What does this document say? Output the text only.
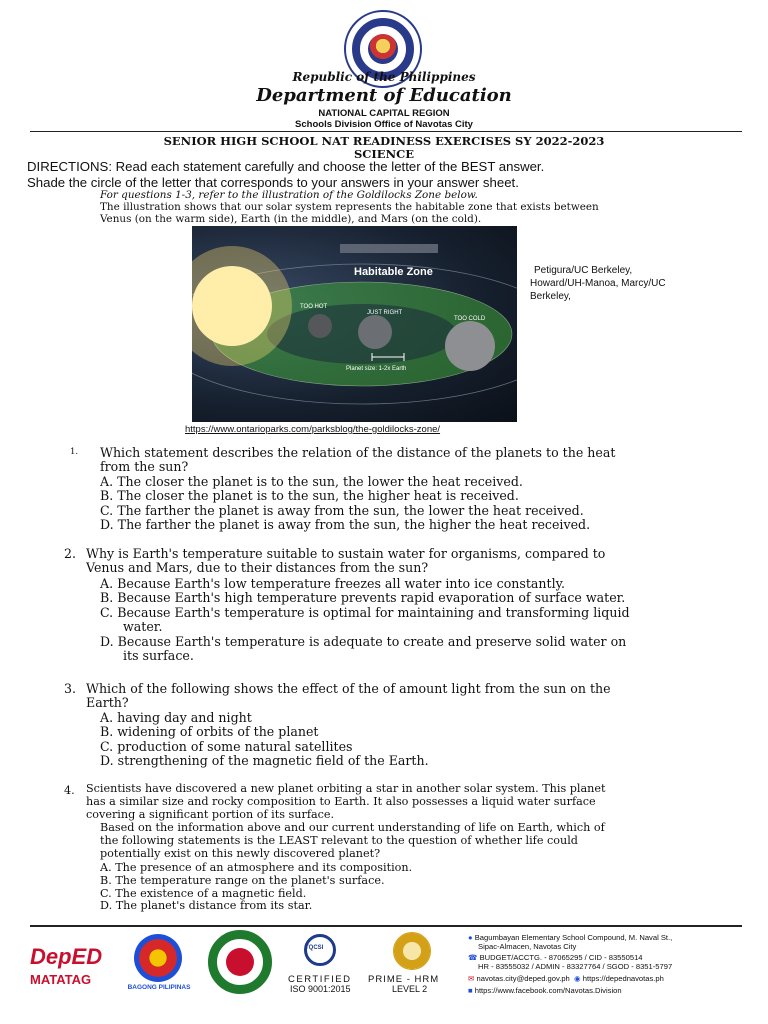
Republic of the Philippines
Department of Education
NATIONAL CAPITAL REGION
Schools Division Office of Navotas City
SENIOR HIGH SCHOOL NAT READINESS EXERCISES SY 2022-2023
SCIENCE
DIRECTIONS: Read each statement carefully and choose the letter of the BEST answer.
Shade the circle of the letter that corresponds to your answers in your answer sheet.
For questions 1-3, refer to the illustration of the Goldilocks Zone below.
The illustration shows that our solar system represents the habitable zone that exists between
Venus (on the warm side), Earth (in the middle), and Mars (on the cold).
Habitable Zone
TOO HOT
JUST RIGHT
TOO COLD
Planet size: 1-2x Earth
Petigura/UC Berkeley,
Howard/UH-Manoa, Marcy/UC
Berkeley,
https://www.ontarioparks.com/parksblog/the-goldilocks-zone/
1. Which statement describes the relation of the distance of the planets to the heat
from the sun?
A. The closer the planet is to the sun, the lower the heat received.
B. The closer the planet is to the sun, the higher heat is received.
C. The farther the planet is away from the sun, the lower the heat received.
D. The farther the planet is away from the sun, the higher the heat received.
2. Why is Earth's temperature suitable to sustain water for organisms, compared to
Venus and Mars, due to their distances from the sun?
A. Because Earth's low temperature freezes all water into ice constantly.
B. Because Earth's high temperature prevents rapid evaporation of surface water.
C. Because Earth's temperature is optimal for maintaining and transforming liquid
water.
D. Because Earth's temperature is adequate to create and preserve solid water on
its surface.
3. Which of the following shows the effect of the of amount light from the sun on the
Earth?
A. having day and night
B. widening of orbits of the planet
C. production of some natural satellites
D. strengthening of the magnetic field of the Earth.
4. Scientists have discovered a new planet orbiting a star in another solar system. This planet
has a similar size and rocky composition to Earth. It also possesses a liquid water surface
covering a significant portion of its surface.
Based on the information above and our current understanding of life on Earth, which of
the following statements is the LEAST relevant to the question of whether life could
potentially exist on this newly discovered planet?
A. The presence of an atmosphere and its composition.
B. The temperature range on the planet's surface.
C. The existence of a magnetic field.
D. The planet's distance from its star.
DepED
MATATAG
BAGONG PILIPINAS
TQCSI
CERTIFIED
ISO 9001:2015
PRIME - HRM
LEVEL 2
● Bagumbayan Elementary School Compound, M. Naval St.,
Sipac-Almacen, Navotas City
☎ BUDGET/ACCTG. - 87065295 / CID - 83550514
HR - 83555032 / ADMIN - 83327764 / SGOD - 8351-5797
✉ navotas.city@deped.gov.ph ◉ https://depednavotas.ph
■ https://www.facebook.com/Navotas.Division
